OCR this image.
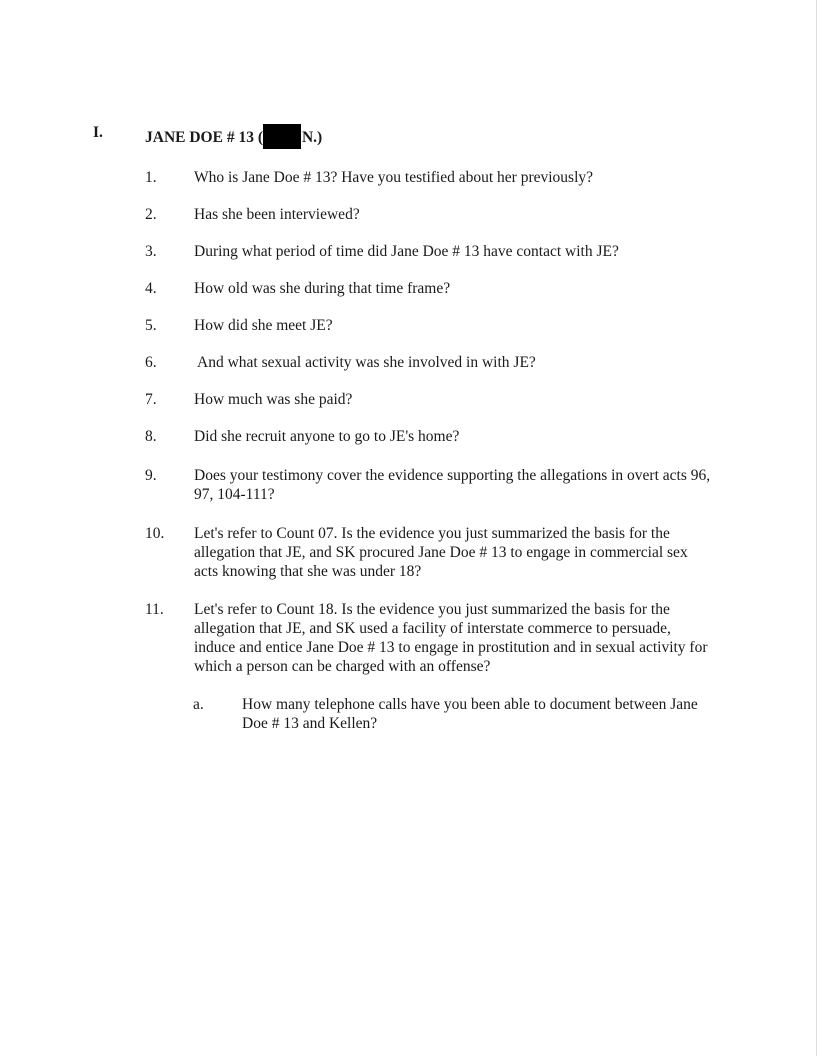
I.	JANE DOE # 13 (	N.)
1. Who is Jane Doe # 13? Have you testified about her previously?
2. Has she been interviewed?
3. During what period of time did Jane Doe # 13 have contact with JE?
4. How old was she during that time frame?
5. How did she meet JE?
6. And what sexual activity was she involved in with JE?
7. How much was she paid?
8. Did she recruit anyone to go to JE's home?
9. Does your testimony cover the evidence supporting the allegations in overt acts 96, 97, 104-111?
10. Let's refer to Count 07. Is the evidence you just summarized the basis for the allegation that JE, and SK procured Jane Doe # 13 to engage in commercial sex acts knowing that she was under 18?
11. Let's refer to Count 18. Is the evidence you just summarized the basis for the allegation that JE, and SK used a facility of interstate commerce to persuade, induce and entice Jane Doe # 13 to engage in prostitution and in sexual activity for which a person can be charged with an offense?
a. How many telephone calls have you been able to document between Jane Doe # 13 and Kellen?
